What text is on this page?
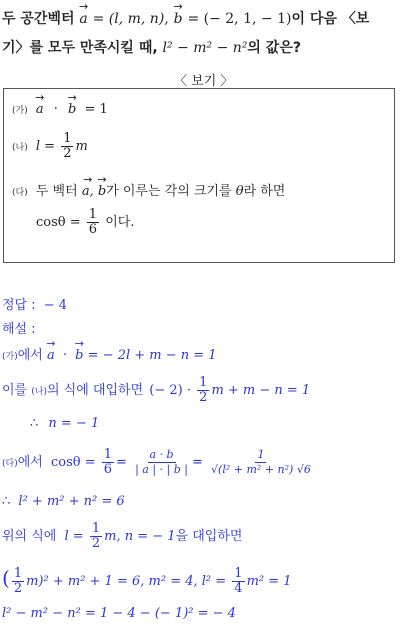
두 공간벡터 → a = (l, m, n), → b = (− 2, 1, − 1)이 다음 〈보
기〉를 모두 만족시킬 때, l² − m² − n²의 값은?
〈 보기 〉
(가) → a · → b = 1
(나) $l = \frac{1}{2}$ m
(다) 두 벡터 → a, → b가 이루는 각의 크기를 θ라 하면
$\cos\theta = \frac{1}{6}$ 이다.
정답 : − 4
해설 :
(가)에서 → a · → b = − 2l + m − n = 1
이를 (나)의 식에 대입하면 (− $2) \cdot \frac{1}{2}$ m + m − n = 1
∴ n = − 1
(다)에서 $\cos\theta = \frac{1}{6} = \frac{a \cdot b}{| a | \cdot | b |} = \frac{1}{\text{√(l² + m² + n²) √6}}$
∴ l² + m² + n² = 6
위의 식에 $l = \frac{1}{2} m$, n = − 1을 대입하면
( $\frac{1}{2} m)^2 + m^2 + 1 = 6$, m² = 4, $l^2 = \frac{1}{4} m^2 = 1$
l² − m² − n² = 1 − 4 − (− 1)² = − 4
